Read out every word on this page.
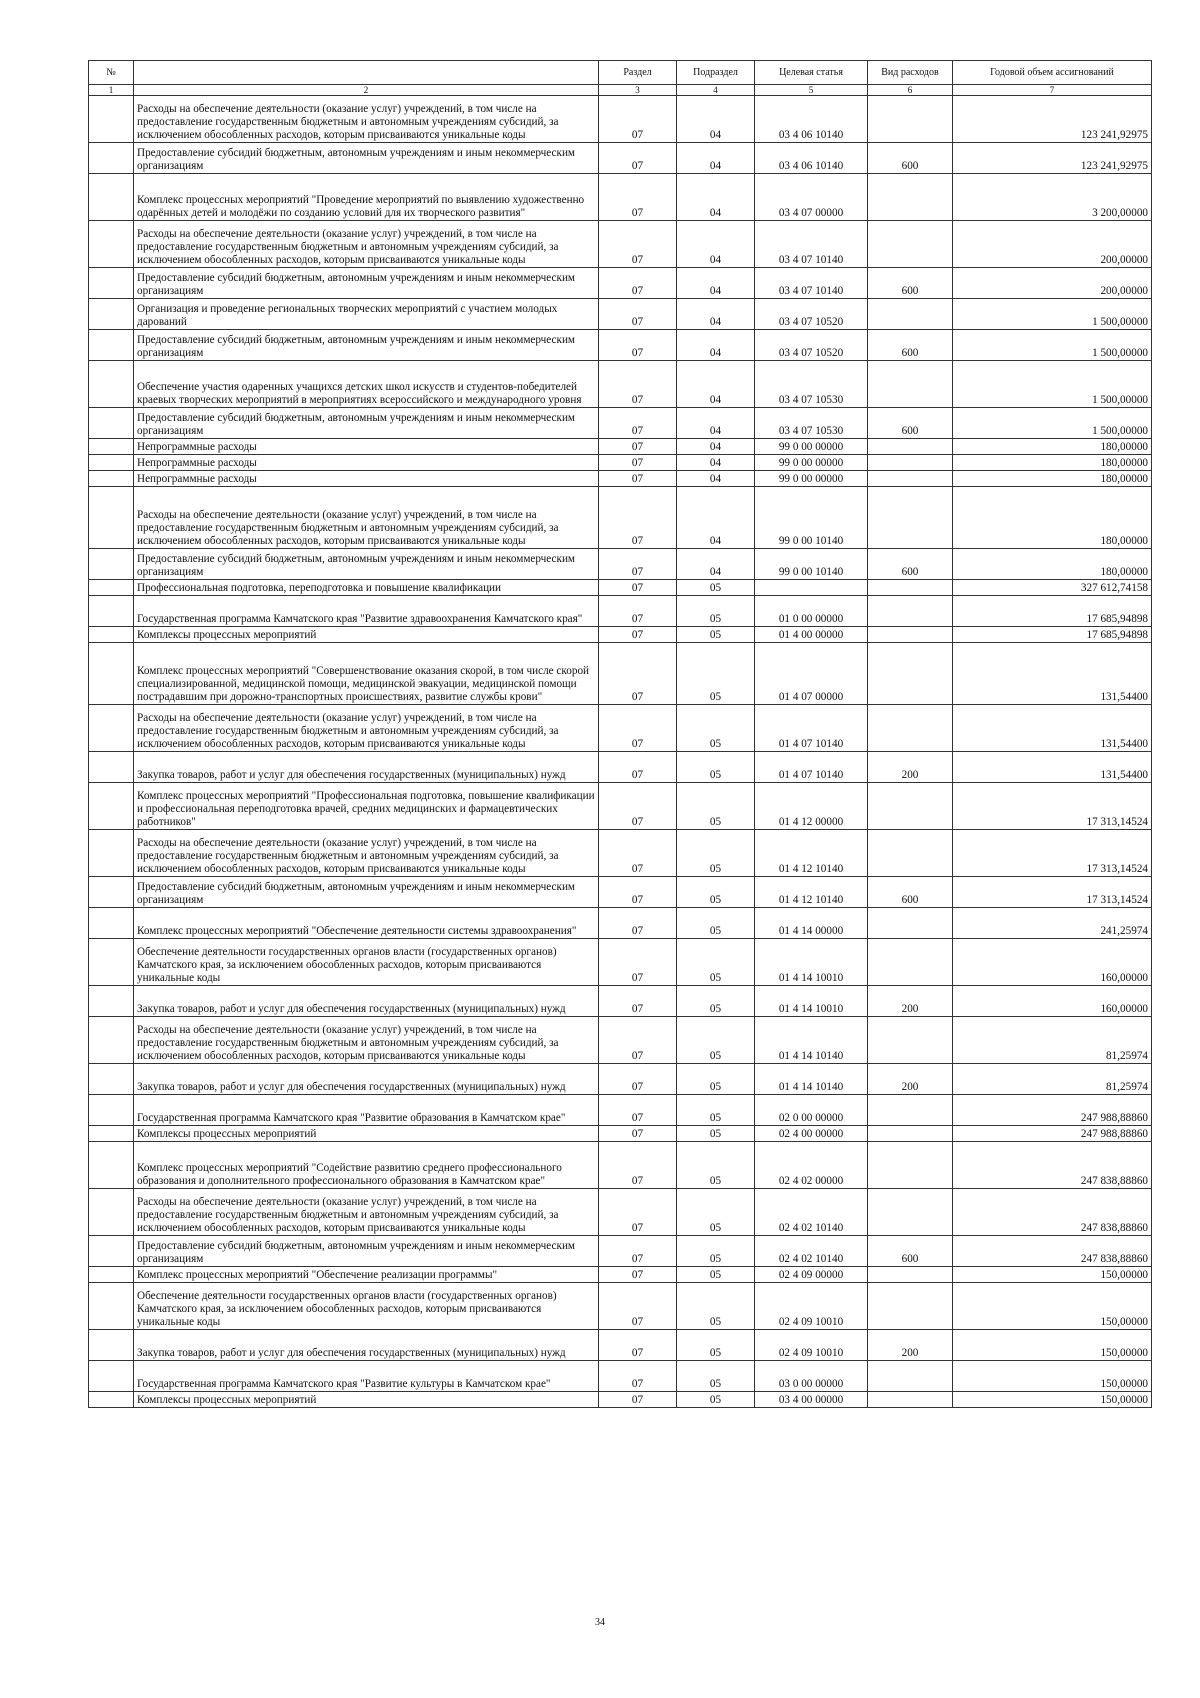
№		Раздел	Подраздел	Целевая статья	Вид расходов	Годовой объем ассигнований
1	2	3	4	5	6	7
	Расходы на обеспечение деятельности (оказание услуг) учреждений, в том числе на предоставление государственным бюджетным и автономным учреждениям субсидий, за исключением обособленных расходов, которым присваиваются уникальные коды	07	04	03 4 06 10140		123 241,92975
	Предоставление субсидий бюджетным, автономным учреждениям и иным некоммерческим организациям	07	04	03 4 06 10140	600	123 241,92975
	Комплекс процессных мероприятий "Проведение мероприятий по выявлению художественно одарённых детей и молодёжи по созданию условий для их творческого развития"	07	04	03 4 07 00000		3 200,00000
	Расходы на обеспечение деятельности (оказание услуг) учреждений, в том числе на предоставление государственным бюджетным и автономным учреждениям субсидий, за исключением обособленных расходов, которым присваиваются уникальные коды	07	04	03 4 07 10140		200,00000
	Предоставление субсидий бюджетным, автономным учреждениям и иным некоммерческим организациям	07	04	03 4 07 10140	600	200,00000
	Организация и проведение региональных творческих мероприятий с участием молодых дарований	07	04	03 4 07 10520		1 500,00000
	Предоставление субсидий бюджетным, автономным учреждениям и иным некоммерческим организациям	07	04	03 4 07 10520	600	1 500,00000
	Обеспечение участия одаренных учащихся детских школ искусств и студентов-победителей краевых творческих мероприятий в мероприятиях всероссийского и международного уровня	07	04	03 4 07 10530		1 500,00000
	Предоставление субсидий бюджетным, автономным учреждениям и иным некоммерческим организациям	07	04	03 4 07 10530	600	1 500,00000
	Непрограммные расходы	07	04	99 0 00 00000		180,00000
	Непрограммные расходы	07	04	99 0 00 00000		180,00000
	Непрограммные расходы	07	04	99 0 00 00000		180,00000
	Расходы на обеспечение деятельности (оказание услуг) учреждений, в том числе на предоставление государственным бюджетным и автономным учреждениям субсидий, за исключением обособленных расходов, которым присваиваются уникальные коды	07	04	99 0 00 10140		180,00000
	Предоставление субсидий бюджетным, автономным учреждениям и иным некоммерческим организациям	07	04	99 0 00 10140	600	180,00000
	Профессиональная подготовка, переподготовка и повышение квалификации	07	05			327 612,74158
	Государственная программа Камчатского края "Развитие здравоохранения Камчатского края"	07	05	01 0 00 00000		17 685,94898
	Комплексы процессных мероприятий	07	05	01 4 00 00000		17 685,94898
	Комплекс процессных мероприятий "Совершенствование оказания скорой, в том числе скорой специализированной, медицинской помощи, медицинской эвакуации, медицинской помощи пострадавшим при дорожно-транспортных происшествиях, развитие службы крови"	07	05	01 4 07 00000		131,54400
	Расходы на обеспечение деятельности (оказание услуг) учреждений, в том числе на предоставление государственным бюджетным и автономным учреждениям субсидий, за исключением обособленных расходов, которым присваиваются уникальные коды	07	05	01 4 07 10140		131,54400
	Закупка товаров, работ и услуг для обеспечения государственных (муниципальных) нужд	07	05	01 4 07 10140	200	131,54400
	Комплекс процессных мероприятий "Профессиональная подготовка, повышение квалификации и профессиональная переподготовка врачей, средних медицинских и фармацевтических работников"	07	05	01 4 12 00000		17 313,14524
	Расходы на обеспечение деятельности (оказание услуг) учреждений, в том числе на предоставление государственным бюджетным и автономным учреждениям субсидий, за исключением обособленных расходов, которым присваиваются уникальные коды	07	05	01 4 12 10140		17 313,14524
	Предоставление субсидий бюджетным, автономным учреждениям и иным некоммерческим организациям	07	05	01 4 12 10140	600	17 313,14524
	Комплекс процессных мероприятий "Обеспечение деятельности системы здравоохранения"	07	05	01 4 14 00000		241,25974
	Обеспечение деятельности государственных органов власти (государственных органов) Камчатского края, за исключением обособленных расходов, которым присваиваются уникальные коды	07	05	01 4 14 10010		160,00000
	Закупка товаров, работ и услуг для обеспечения государственных (муниципальных) нужд	07	05	01 4 14 10010	200	160,00000
	Расходы на обеспечение деятельности (оказание услуг) учреждений, в том числе на предоставление государственным бюджетным и автономным учреждениям субсидий, за исключением обособленных расходов, которым присваиваются уникальные коды	07	05	01 4 14 10140		81,25974
	Закупка товаров, работ и услуг для обеспечения государственных (муниципальных) нужд	07	05	01 4 14 10140	200	81,25974
	Государственная программа Камчатского края "Развитие образования в Камчатском крае"	07	05	02 0 00 00000		247 988,88860
	Комплексы процессных мероприятий	07	05	02 4 00 00000		247 988,88860
	Комплекс процессных мероприятий "Содействие развитию среднего профессионального образования и дополнительного профессионального образования в Камчатском крае"	07	05	02 4 02 00000		247 838,88860
	Расходы на обеспечение деятельности (оказание услуг) учреждений, в том числе на предоставление государственным бюджетным и автономным учреждениям субсидий, за исключением обособленных расходов, которым присваиваются уникальные коды	07	05	02 4 02 10140		247 838,88860
	Предоставление субсидий бюджетным, автономным учреждениям и иным некоммерческим организациям	07	05	02 4 02 10140	600	247 838,88860
	Комплекс процессных мероприятий "Обеспечение реализации программы"	07	05	02 4 09 00000		150,00000
	Обеспечение деятельности государственных органов власти (государственных органов) Камчатского края, за исключением обособленных расходов, которым присваиваются уникальные коды	07	05	02 4 09 10010		150,00000
	Закупка товаров, работ и услуг для обеспечения государственных (муниципальных) нужд	07	05	02 4 09 10010	200	150,00000
	Государственная программа Камчатского края "Развитие культуры в Камчатском крае"	07	05	03 0 00 00000		150,00000
	Комплексы процессных мероприятий	07	05	03 4 00 00000		150,00000
34
